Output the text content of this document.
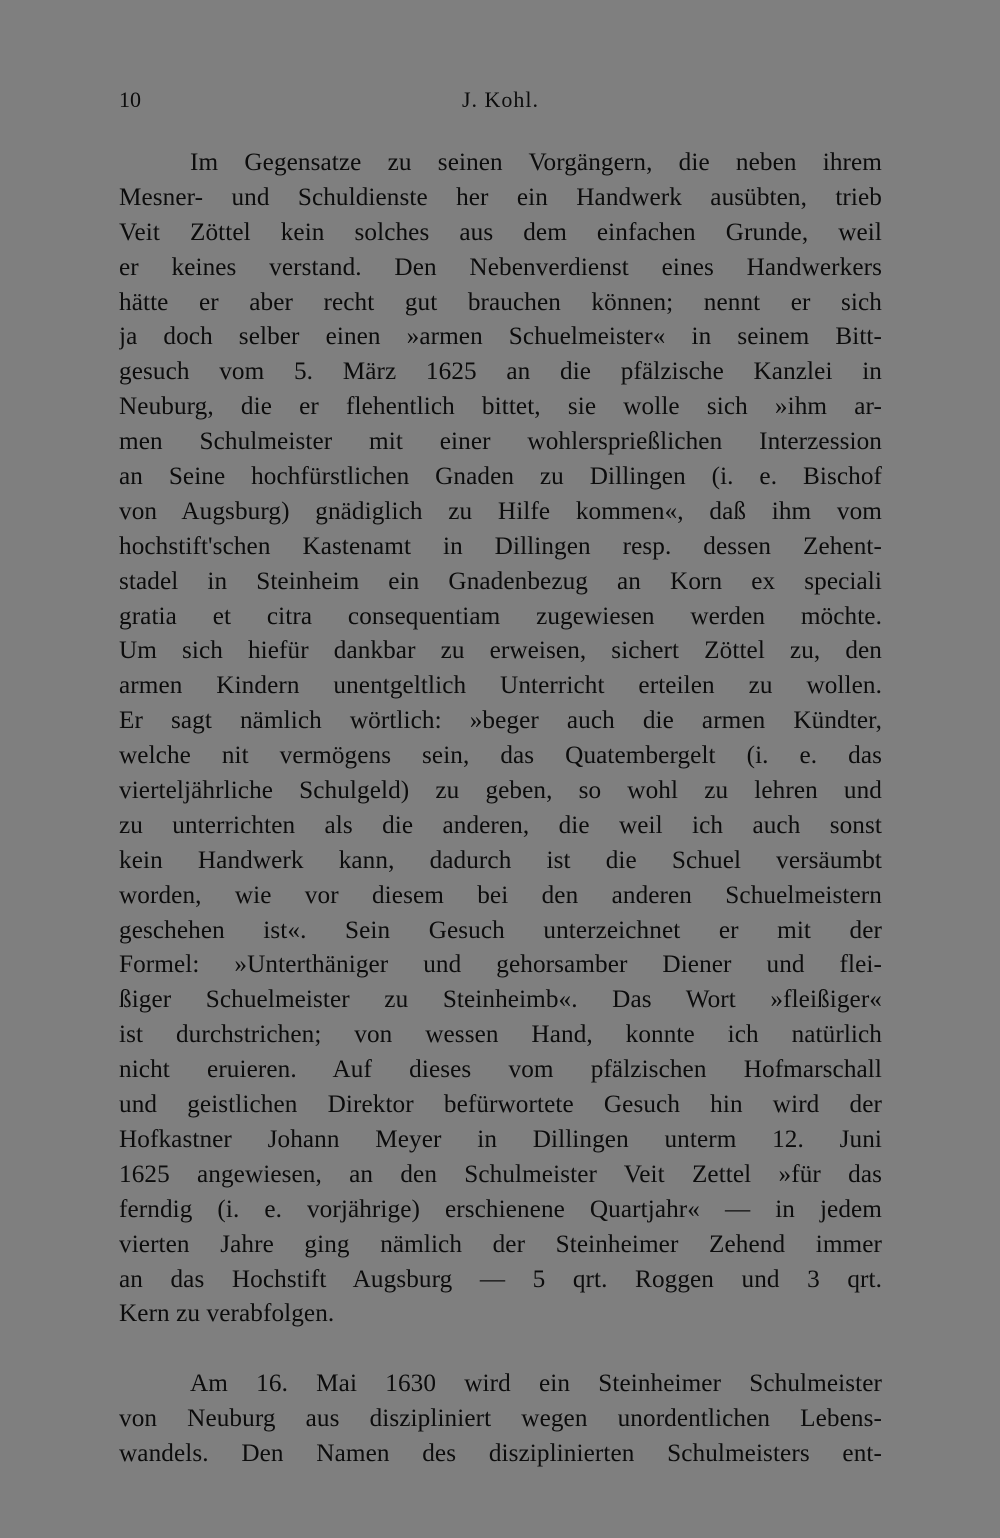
10	J. Kohl.
Im Gegensatze zu seinen Vorgängern, die neben ihrem
Mesner- und Schuldienste her ein Handwerk ausübten, trieb
Veit Zöttel kein solches aus dem einfachen Grunde, weil
er keines verstand. Den Nebenverdienst eines Handwerkers
hätte er aber recht gut brauchen können; nennt er sich
ja doch selber einen »armen Schuelmeister« in seinem Bitt-
gesuch vom 5. März 1625 an die pfälzische Kanzlei in
Neuburg, die er flehentlich bittet, sie wolle sich »ihm ar-
men Schulmeister mit einer wohlersprießlichen Interzession
an Seine hochfürstlichen Gnaden zu Dillingen (i. e. Bischof
von Augsburg) gnädiglich zu Hilfe kommen«, daß ihm vom
hochstift'schen Kastenamt in Dillingen resp. dessen Zehent-
stadel in Steinheim ein Gnadenbezug an Korn ex speciali
gratia et citra consequentiam zugewiesen werden möchte.
Um sich hiefür dankbar zu erweisen, sichert Zöttel zu, den
armen Kindern unentgeltlich Unterricht erteilen zu wollen.
Er sagt nämlich wörtlich: »beger auch die armen Kündter,
welche nit vermögens sein, das Quatembergelt (i. e. das
vierteljährliche Schulgeld) zu geben, so wohl zu lehren und
zu unterrichten als die anderen, die weil ich auch sonst
kein Handwerk kann, dadurch ist die Schuel versäumbt
worden, wie vor diesem bei den anderen Schuelmeistern
geschehen ist«. Sein Gesuch unterzeichnet er mit der
Formel: »Unterthäniger und gehorsamber Diener und flei-
ßiger Schuelmeister zu Steinheimb«. Das Wort »fleißiger«
ist durchstrichen; von wessen Hand, konnte ich natürlich
nicht eruieren. Auf dieses vom pfälzischen Hofmarschall
und geistlichen Direktor befürwortete Gesuch hin wird der
Hofkastner Johann Meyer in Dillingen unterm 12. Juni
1625 angewiesen, an den Schulmeister Veit Zettel »für das
ferndig (i. e. vorjährige) erschienene Quartjahr« — in jedem
vierten Jahre ging nämlich der Steinheimer Zehend immer
an das Hochstift Augsburg — 5 qrt. Roggen und 3 qrt.
Kern zu verabfolgen.
Am 16. Mai 1630 wird ein Steinheimer Schulmeister
von Neuburg aus diszipliniert wegen unordentlichen Lebens-
wandels. Den Namen des disziplinierten Schulmeisters ent-
